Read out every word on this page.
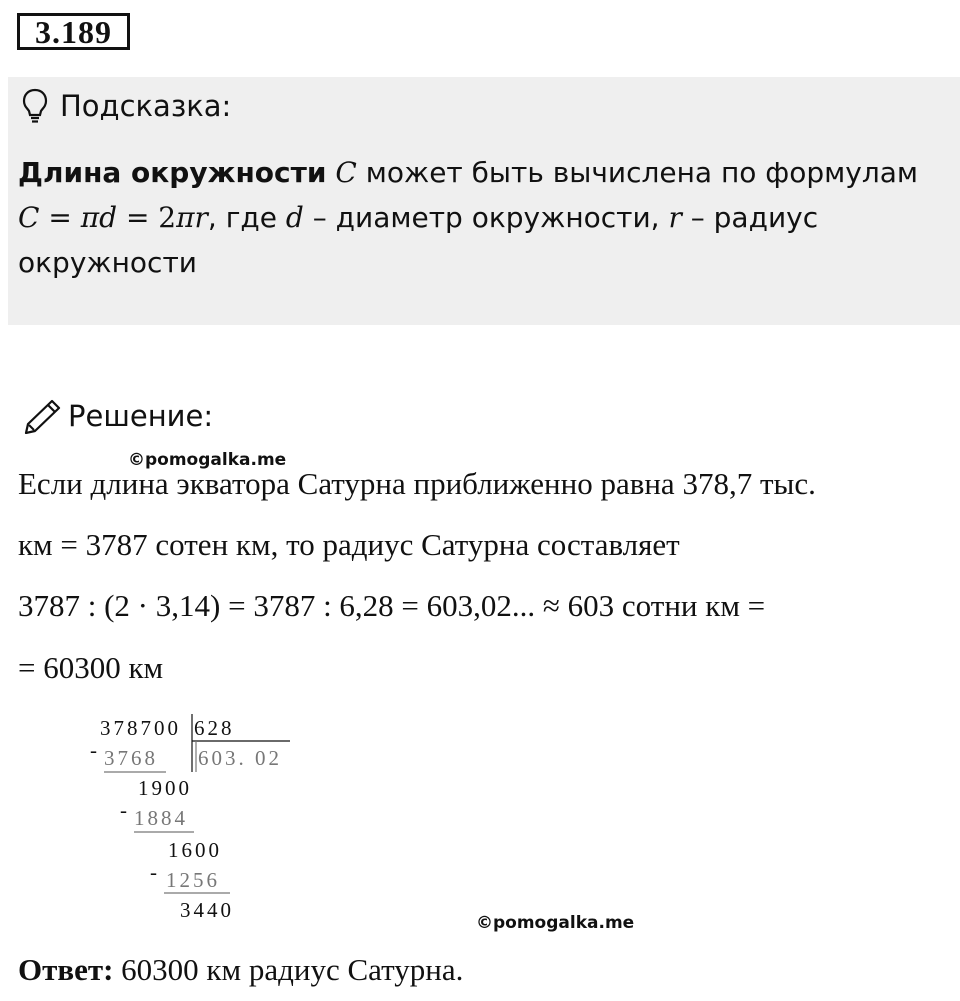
3.189
Подсказка:

Длина окружности C может быть вычислена по формулам
C = πd = 2πr, где d – диаметр окружности, r – радиус окружности

Решение:
©pomogalka.me
Если длина экватора Сатурна приближенно равна 378,7 тыс.
км = 3787 сотен км, то радиус Сатурна составляет
3787 : (2 · 3,14) = 3787 : 6,28 = 603,02... ≈ 603 сотни км =
= 60300 км
378700 628
- 3768 603. 02
1900
- 1884
1600
- 1256
3440
©pomogalka.me
Ответ: 60300 км радиус Сатурна.
